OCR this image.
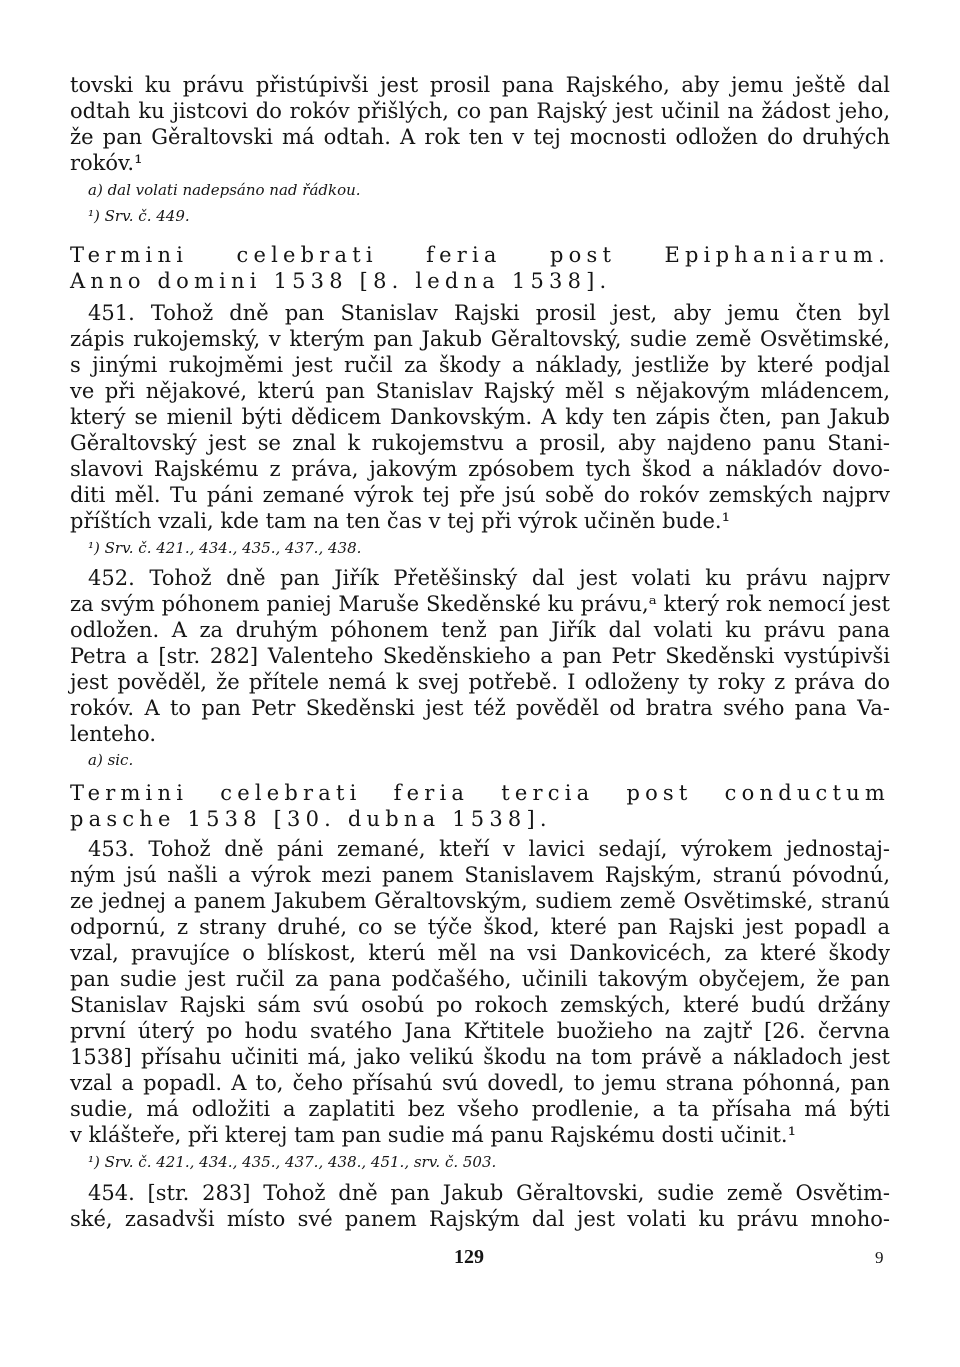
tovski ku právu přistúpivši jest prosil pana Rajského, aby jemu ještě dal
odtah ku jistcovi do rokóv přišlých, co pan Rajský jest učinil na žádost jeho,
že pan Gěraltovski má odtah. A rok ten v tej mocnosti odložen do druhých
rokóv.¹
a) dal volati nadepsáno nad řádkou.
¹) Srv. č. 449.
Termini celebrati feria post Epiphaniarum.
Anno domini 1538 [8. ledna 1538].
451. Tohož dně pan Stanislav Rajski prosil jest, aby jemu čten byl
zápis rukojemský, v kterým pan Jakub Gěraltovský, sudie země Osvětimské,
s jinými rukojměmi jest ručil za škody a náklady, jestliže by které podjal
ve při nějakové, kterú pan Stanislav Rajský měl s nějakovým mládencem,
který se mienil býti dědicem Dankovským. A kdy ten zápis čten, pan Jakub
Gěraltovský jest se znal k rukojemstvu a prosil, aby najdeno panu Stani-
slavovi Rajskému z práva, jakovým zpósobem tych škod a nákladóv dovo-
diti měl. Tu páni zemané výrok tej pře jsú sobě do rokóv zemských najprv
příštích vzali, kde tam na ten čas v tej při výrok učiněn bude.¹
¹) Srv. č. 421., 434., 435., 437., 438.
452. Tohož dně pan Jiřík Přetěšinský dal jest volati ku právu najprv
za svým póhonem paniej Maruše Skeděnské ku právu,ᵃ který rok nemocí jest
odložen. A za druhým póhonem tenž pan Jiřík dal volati ku právu pana
Petra a [str. 282] Valenteho Skeděnskieho a pan Petr Skeděnski vystúpivši
jest pověděl, že přítele nemá k svej potřebě. I odloženy ty roky z práva do
rokóv. A to pan Petr Skeděnski jest též pověděl od bratra svého pana Va-
lenteho.
a) sic.
Termini celebrati feria tercia post conductum
pasche 1538 [30. dubna 1538].
453. Tohož dně páni zemané, kteří v lavici sedají, výrokem jednostaj-
ným jsú našli a výrok mezi panem Stanislavem Rajským, stranú póvodnú,
ze jednej a panem Jakubem Gěraltovským, sudiem země Osvětimské, stranú
odpornú, z strany druhé, co se týče škod, které pan Rajski jest popadl a
vzal, pravujíce o blískost, kterú měl na vsi Dankovicéch, za které škody
pan sudie jest ručil za pana podčašého, učinili takovým obyčejem, že pan
Stanislav Rajski sám svú osobú po rokoch zemských, které budú držány
první úterý po hodu svatého Jana Křtitele buožieho na zajtř [26. června
1538] přísahu učiniti má, jako velikú škodu na tom právě a nákladoch jest
vzal a popadl. A to, čeho přísahú svú dovedl, to jemu strana póhonná, pan
sudie, má odložiti a zaplatiti bez všeho prodlenie, a ta přísaha má býti
v klášteře, při kterej tam pan sudie má panu Rajskému dosti učinit.¹
¹) Srv. č. 421., 434., 435., 437., 438., 451., srv. č. 503.
454. [str. 283] Tohož dně pan Jakub Gěraltovski, sudie země Osvětim-
ské, zasadvši místo své panem Rajským dal jest volati ku právu mnoho-
129	9
